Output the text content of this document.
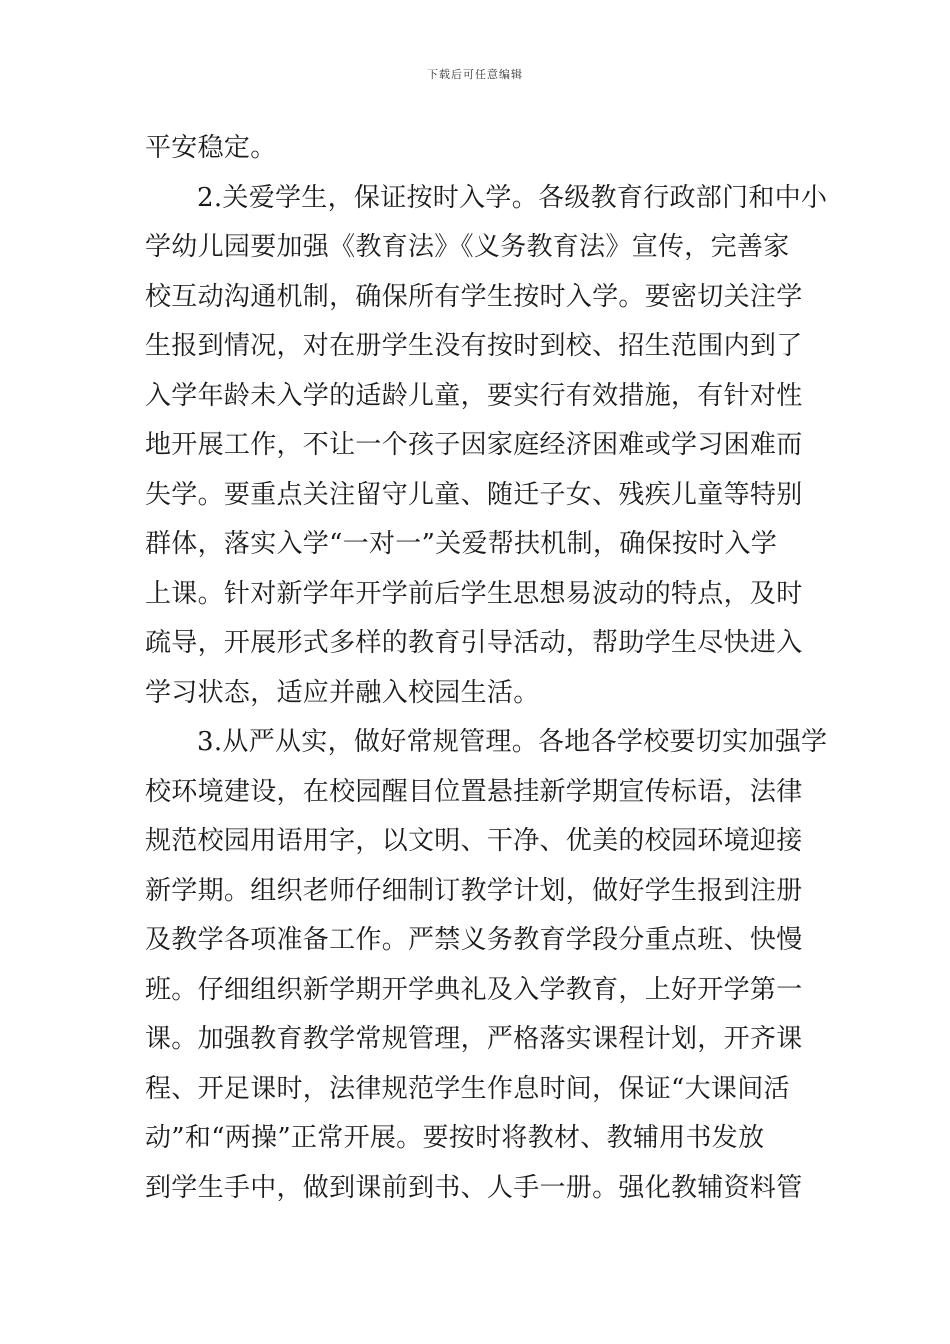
下载后可任意编辑
平安稳定。
2.关爱学生，保证按时入学。各级教育行政部门和中小
学幼儿园要加强《教育法》《义务教育法》宣传，完善家
校互动沟通机制，确保所有学生按时入学。要密切关注学
生报到情况，对在册学生没有按时到校、招生范围内到了
入学年龄未入学的适龄儿童，要实行有效措施，有针对性
地开展工作，不让一个孩子因家庭经济困难或学习困难而
失学。要重点关注留守儿童、随迁子女、残疾儿童等特别
群体，落实入学“一对一”关爱帮扶机制，确保按时入学
上课。针对新学年开学前后学生思想易波动的特点，及时
疏导，开展形式多样的教育引导活动，帮助学生尽快进入
学习状态，适应并融入校园生活。
3.从严从实，做好常规管理。各地各学校要切实加强学
校环境建设，在校园醒目位置悬挂新学期宣传标语，法律
规范校园用语用字，以文明、干净、优美的校园环境迎接
新学期。组织老师仔细制订教学计划，做好学生报到注册
及教学各项准备工作。严禁义务教育学段分重点班、快慢
班。仔细组织新学期开学典礼及入学教育，上好开学第一
课。加强教育教学常规管理，严格落实课程计划，开齐课
程、开足课时，法律规范学生作息时间，保证“大课间活
动”和“两操”正常开展。要按时将教材、教辅用书发放
到学生手中，做到课前到书、人手一册。强化教辅资料管
